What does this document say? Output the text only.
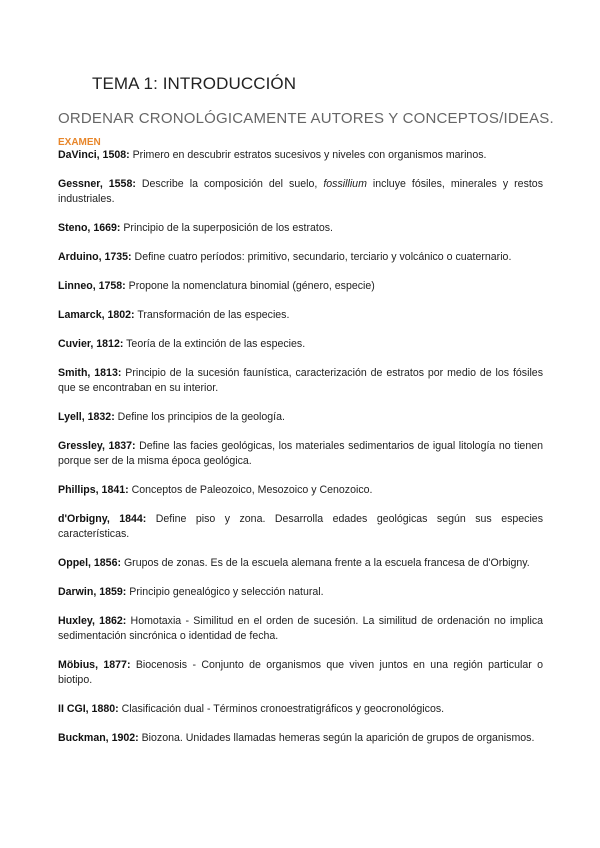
TEMA 1: INTRODUCCIÓN
ORDENAR CRONOLÓGICAMENTE AUTORES Y CONCEPTOS/IDEAS.
EXAMEN

DaVinci, 1508: Primero en descubrir estratos sucesivos y niveles con organismos marinos.

Gessner, 1558: Describe la composición del suelo, fossillium incluye fósiles, minerales y restos industriales.

Steno, 1669: Principio de la superposición de los estratos.

Arduino, 1735: Define cuatro períodos: primitivo, secundario, terciario y volcánico o cuaternario.

Linneo, 1758: Propone la nomenclatura binomial (género, especie)

Lamarck, 1802: Transformación de las especies.

Cuvier, 1812: Teoría de la extinción de las especies.

Smith, 1813: Principio de la sucesión faunística, caracterización de estratos por medio de los fósiles que se encontraban en su interior.

Lyell, 1832: Define los principios de la geología.

Gressley, 1837: Define las facies geológicas, los materiales sedimentarios de igual litología no tienen porque ser de la misma época geológica.

Phillips, 1841: Conceptos de Paleozoico, Mesozoico y Cenozoico.

d'Orbigny, 1844: Define piso y zona. Desarrolla edades geológicas según sus especies características.

Oppel, 1856: Grupos de zonas. Es de la escuela alemana frente a la escuela francesa de d'Orbigny.

Darwin, 1859: Principio genealógico y selección natural.

Huxley, 1862: Homotaxia - Similitud en el orden de sucesión. La similitud de ordenación no implica sedimentación sincrónica o identidad de fecha.

Möbius, 1877: Biocenosis - Conjunto de organismos que viven juntos en una región particular o biotipo.

II CGI, 1880: Clasificación dual - Términos cronoestratigráficos y geocronológicos.

Buckman, 1902: Biozona. Unidades llamadas hemeras según la aparición de grupos de organismos.
